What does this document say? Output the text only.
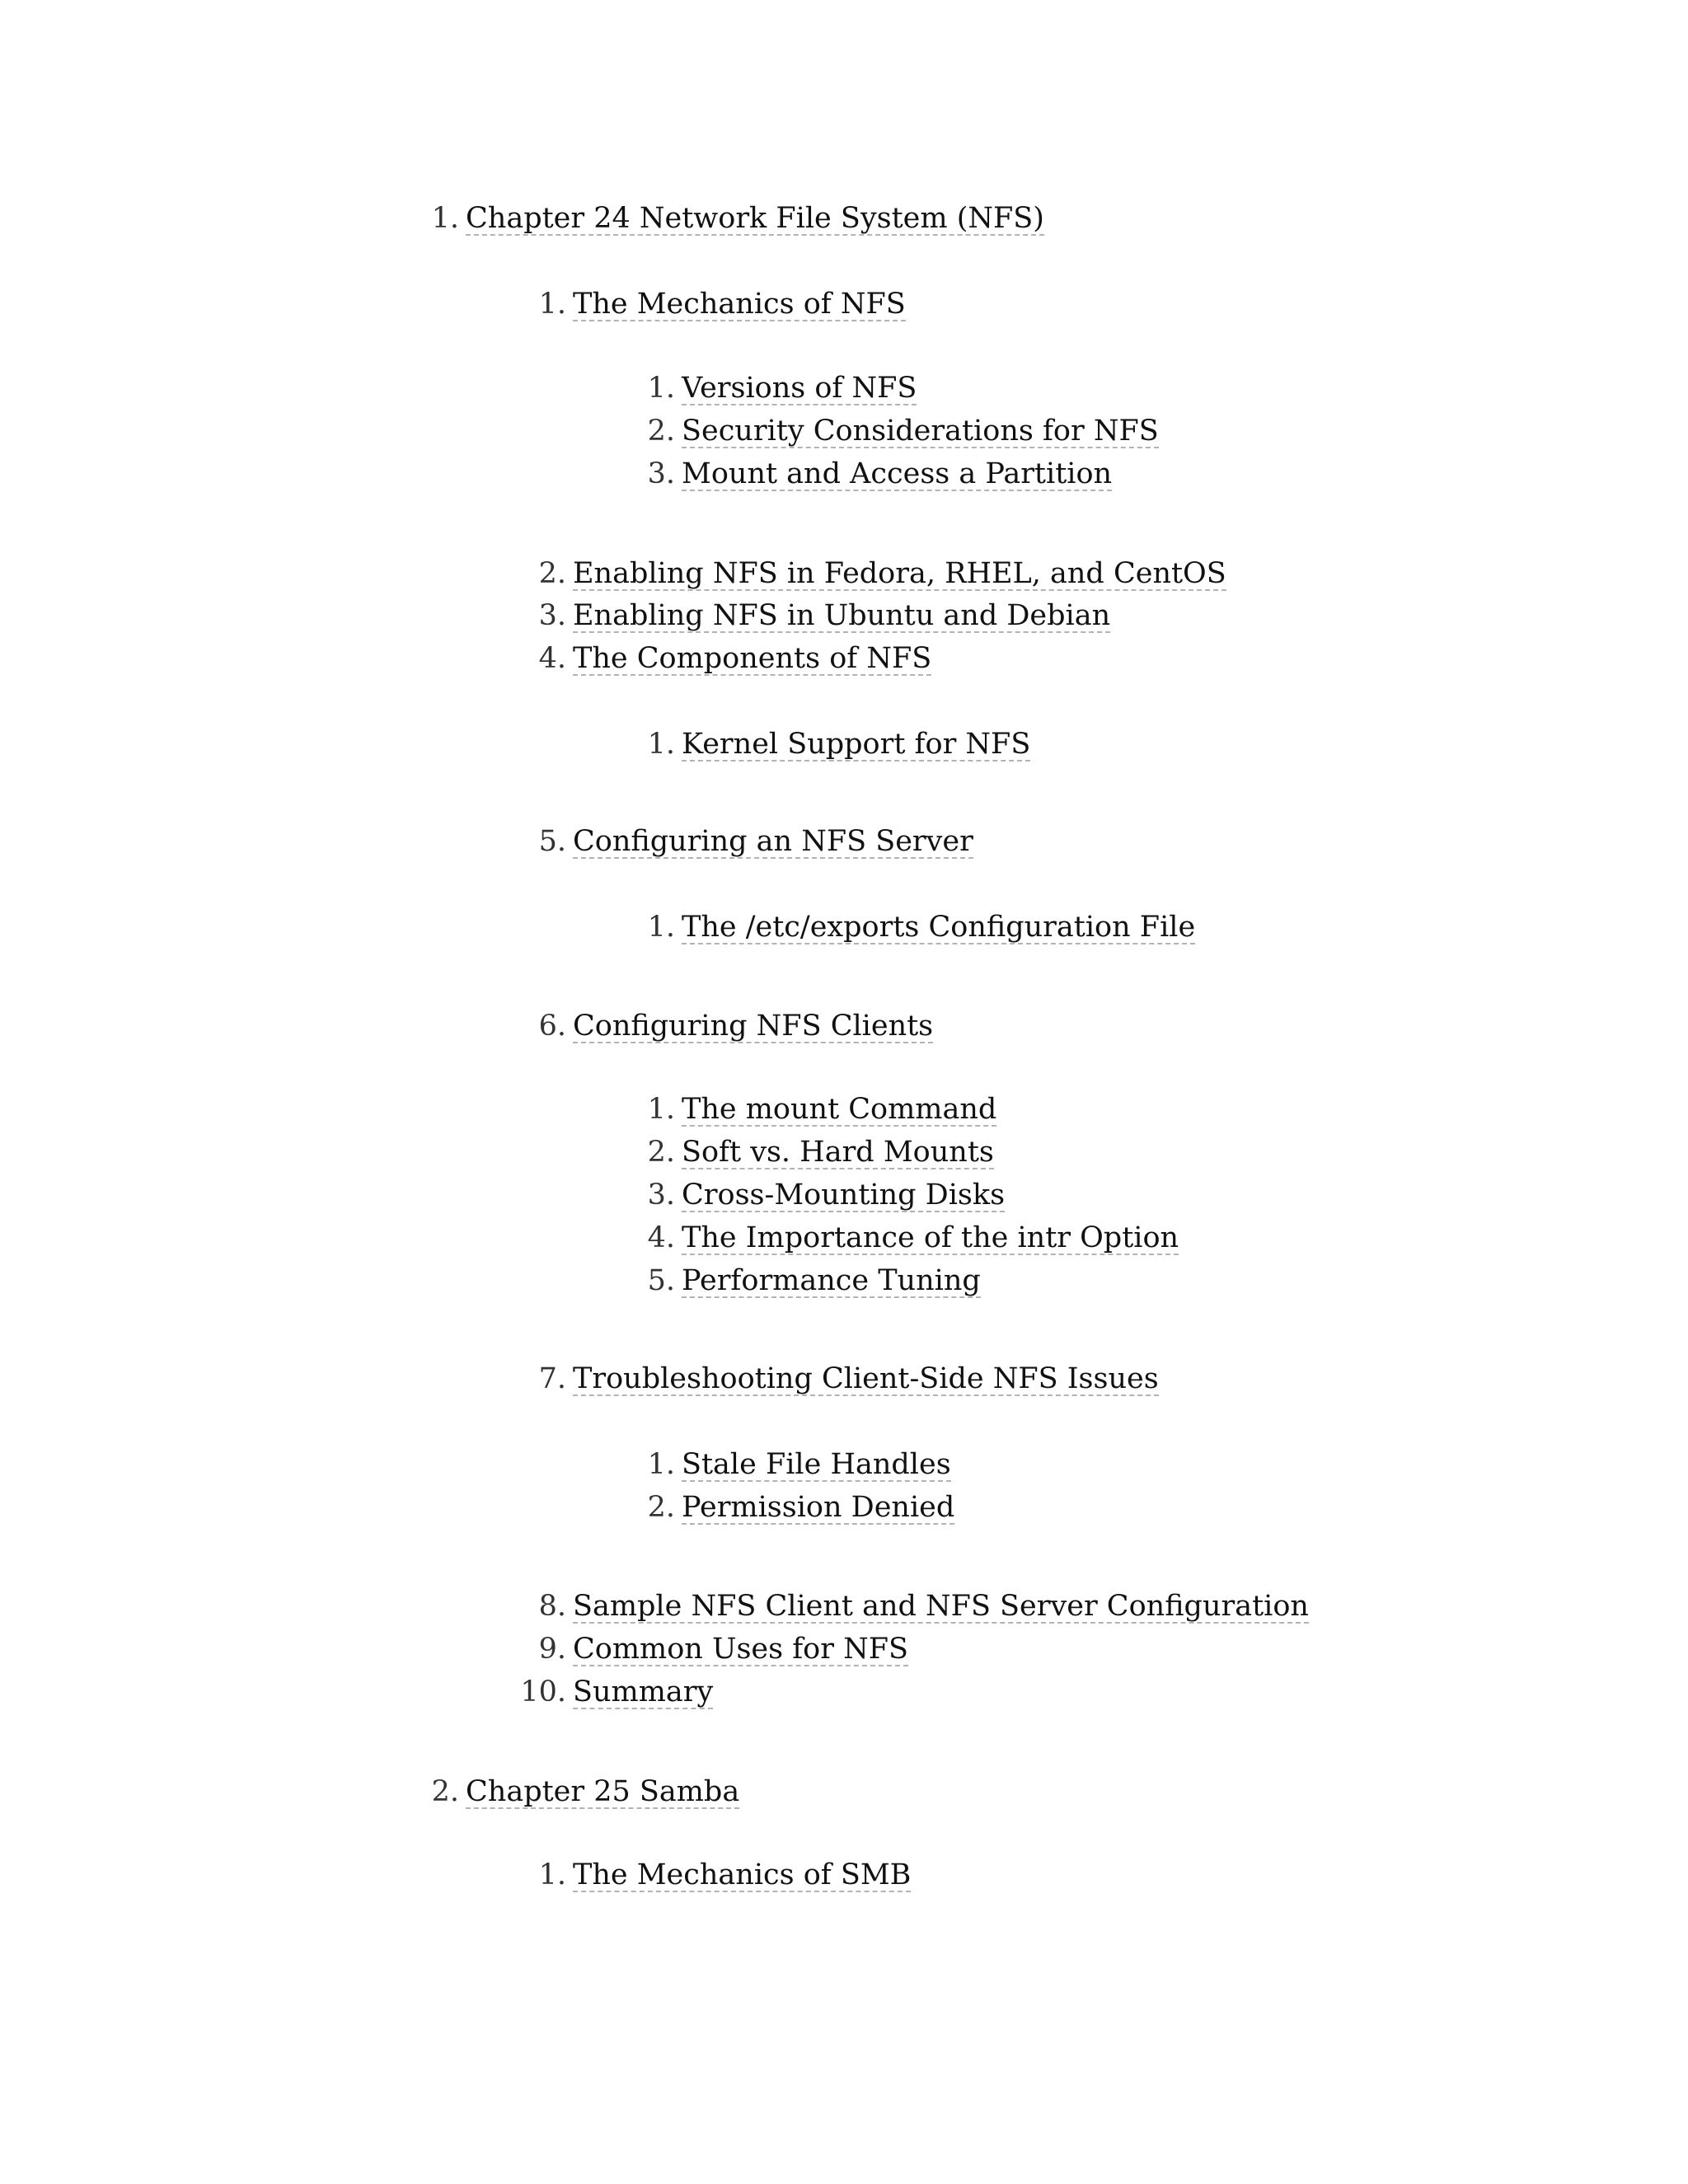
1. Chapter 24 Network File System (NFS)
1. The Mechanics of NFS
1. Versions of NFS
2. Security Considerations for NFS
3. Mount and Access a Partition
2. Enabling NFS in Fedora, RHEL, and CentOS
3. Enabling NFS in Ubuntu and Debian
4. The Components of NFS
1. Kernel Support for NFS
5. Configuring an NFS Server
1. The /etc/exports Configuration File
6. Configuring NFS Clients
1. The mount Command
2. Soft vs. Hard Mounts
3. Cross-Mounting Disks
4. The Importance of the intr Option
5. Performance Tuning
7. Troubleshooting Client-Side NFS Issues
1. Stale File Handles
2. Permission Denied
8. Sample NFS Client and NFS Server Configuration
9. Common Uses for NFS
10. Summary
2. Chapter 25 Samba
1. The Mechanics of SMB
